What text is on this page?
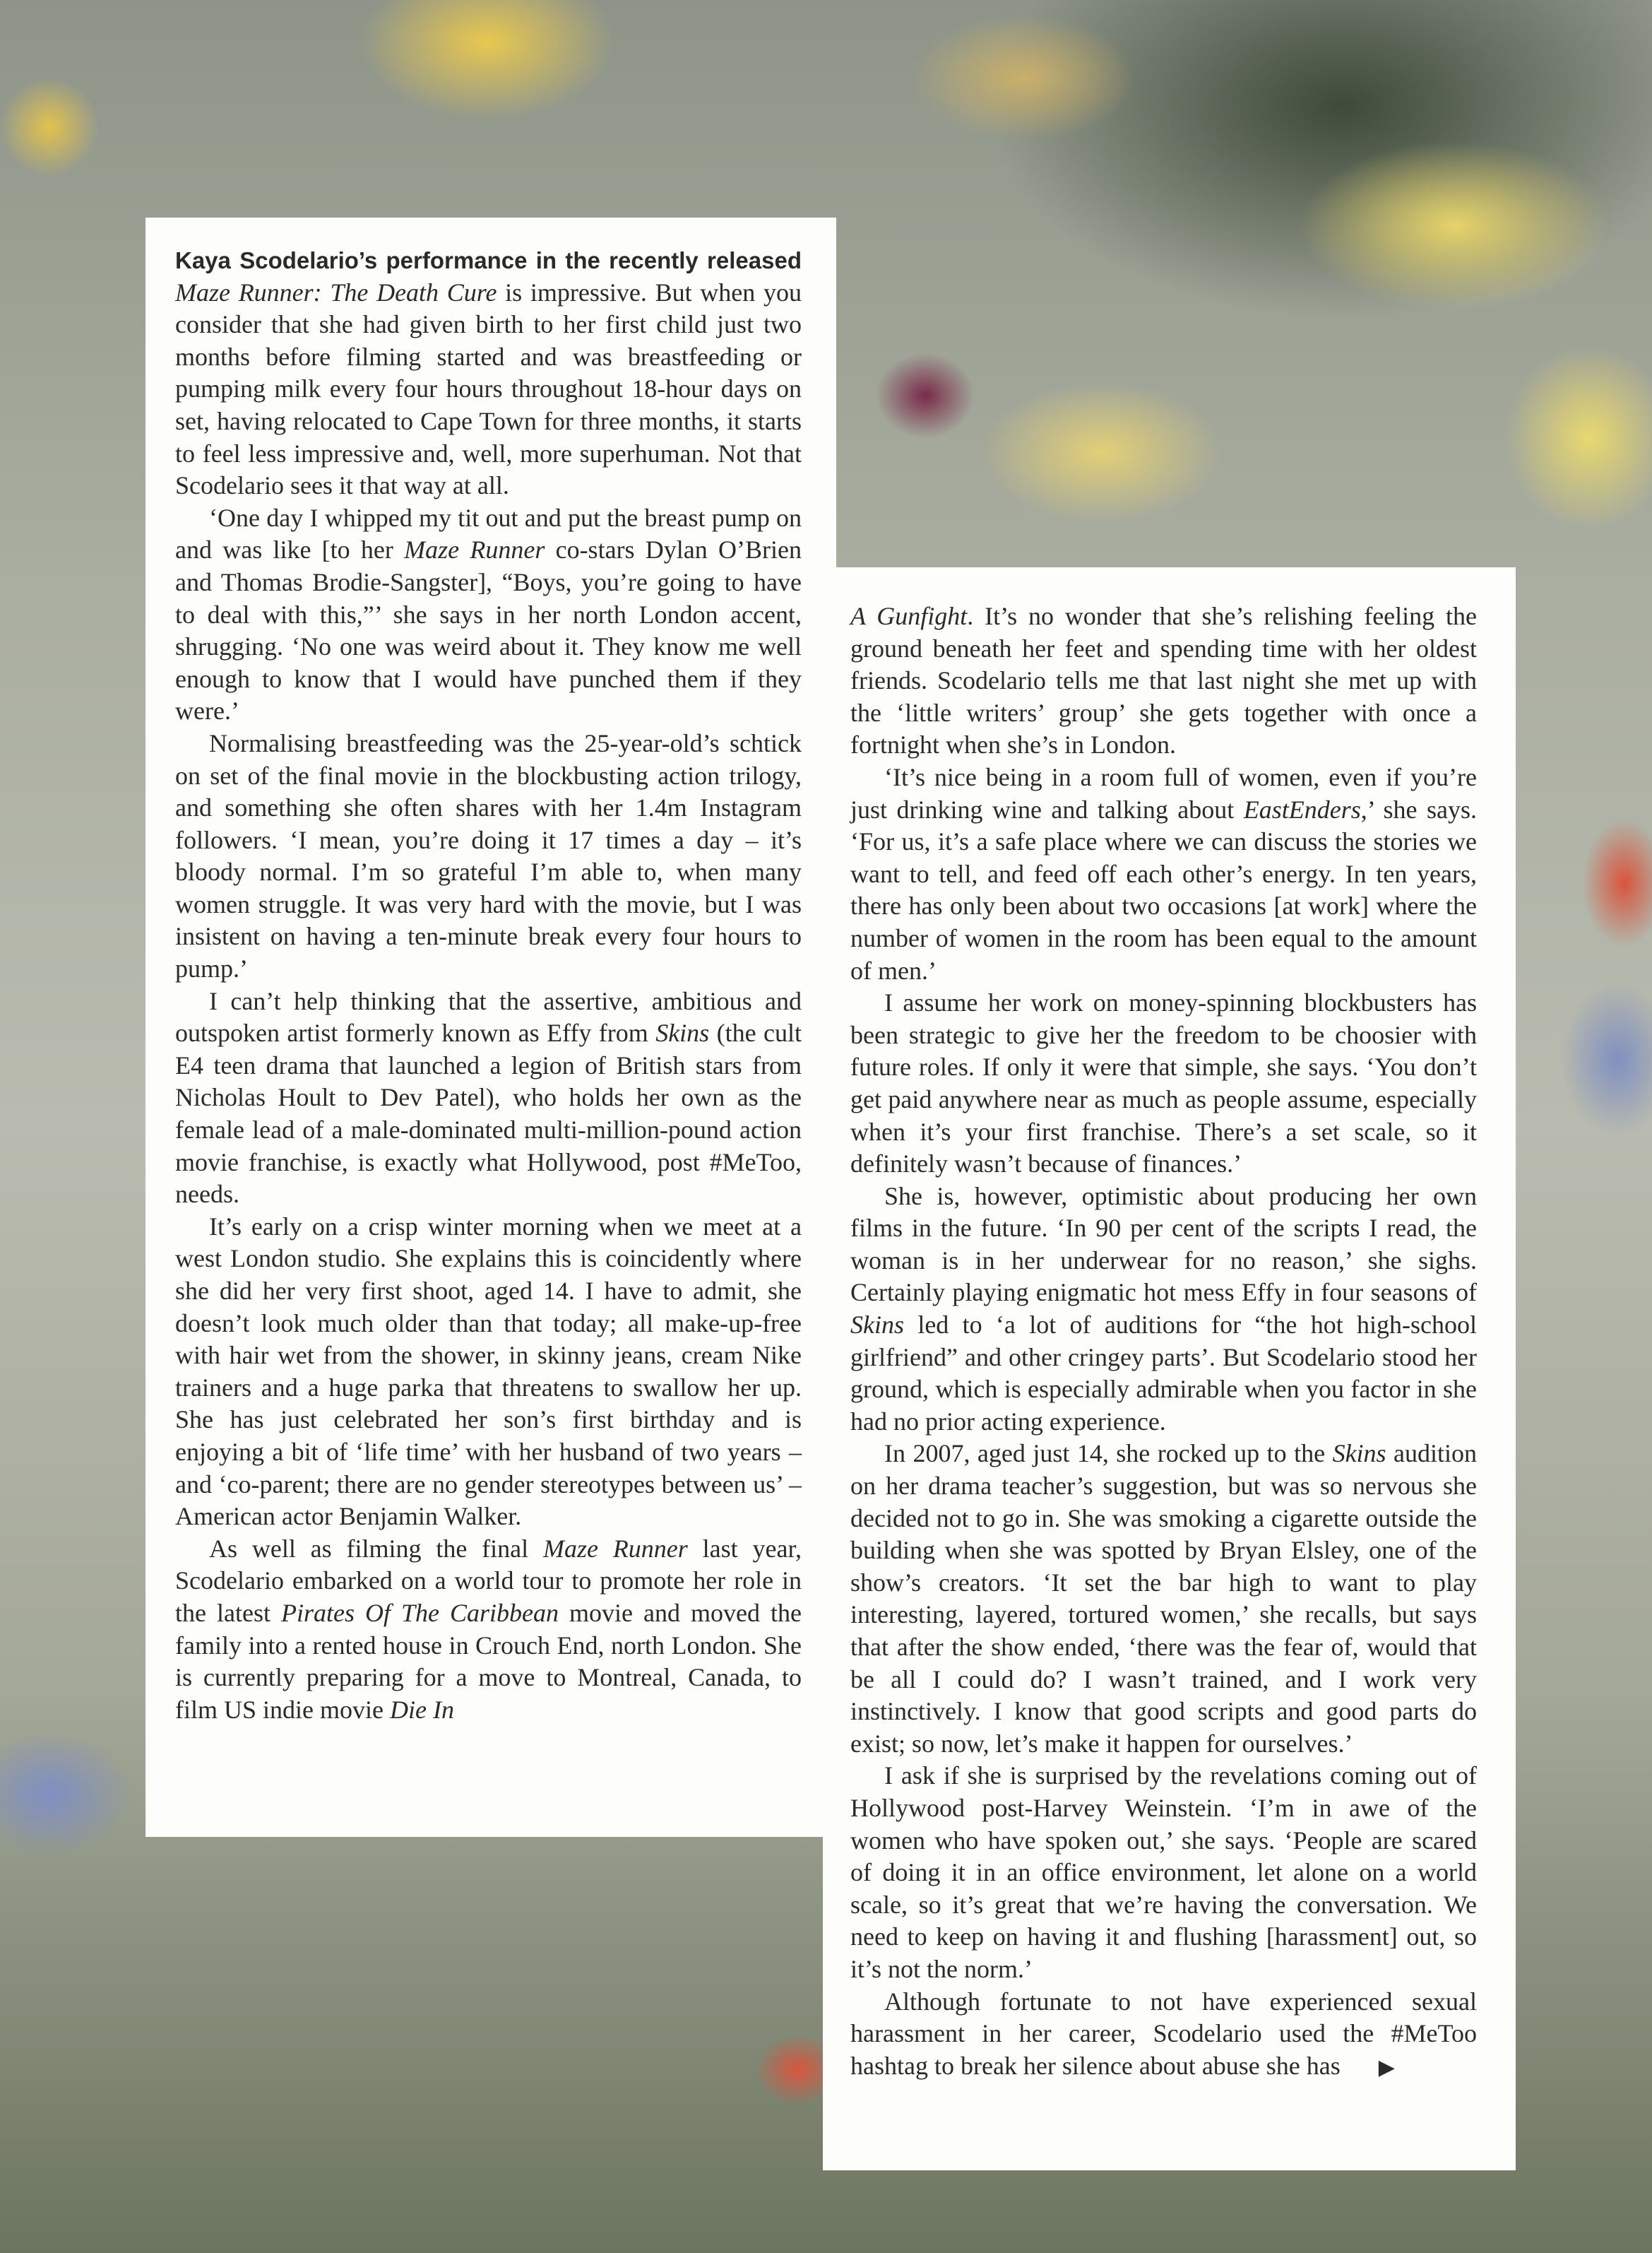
Kaya Scodelario’s performance in the recently released Maze Runner: The Death Cure is impressive. But when you consider that she had given birth to her first child just two months before filming started and was breastfeeding or pumping milk every four hours throughout 18-hour days on set, having relocated to Cape Town for three months, it starts to feel less impressive and, well, more superhuman. Not that Scodelario sees it that way at all.

‘One day I whipped my tit out and put the breast pump on and was like [to her Maze Runner co-stars Dylan O’Brien and Thomas Brodie-Sangster], “Boys, you’re going to have to deal with this,”’ she says in her north London accent, shrugging. ‘No one was weird about it. They know me well enough to know that I would have punched them if they were.’

Normalising breastfeeding was the 25-year-old’s schtick on set of the final movie in the blockbusting action trilogy, and something she often shares with her 1.4m Instagram followers. ‘I mean, you’re doing it 17 times a day – it’s bloody normal. I’m so grateful I’m able to, when many women struggle. It was very hard with the movie, but I was insistent on having a ten-minute break every four hours to pump.’

I can’t help thinking that the assertive, ambitious and outspoken artist formerly known as Effy from Skins (the cult E4 teen drama that launched a legion of British stars from Nicholas Hoult to Dev Patel), who holds her own as the female lead of a male-dominated multi-million-pound action movie franchise, is exactly what Hollywood, post #MeToo, needs.

It’s early on a crisp winter morning when we meet at a west London studio. She explains this is coincidently where she did her very first shoot, aged 14. I have to admit, she doesn’t look much older than that today; all make-up-free with hair wet from the shower, in skinny jeans, cream Nike trainers and a huge parka that threatens to swallow her up. She has just celebrated her son’s first birthday and is enjoying a bit of ‘life time’ with her husband of two years – and ‘co-parent; there are no gender stereotypes between us’ – American actor Benjamin Walker.

As well as filming the final Maze Runner last year, Scodelario embarked on a world tour to promote her role in the latest Pirates Of The Caribbean movie and moved the family into a rented house in Crouch End, north London. She is currently preparing for a move to Montreal, Canada, to film US indie movie Die In

A Gunfight. It’s no wonder that she’s relishing feeling the ground beneath her feet and spending time with her oldest friends. Scodelario tells me that last night she met up with the ‘little writers’ group’ she gets together with once a fortnight when she’s in London.

‘It’s nice being in a room full of women, even if you’re just drinking wine and talking about EastEnders,’ she says. ‘For us, it’s a safe place where we can discuss the stories we want to tell, and feed off each other’s energy. In ten years, there has only been about two occasions [at work] where the number of women in the room has been equal to the amount of men.’

I assume her work on money-spinning blockbusters has been strategic to give her the freedom to be choosier with future roles. If only it were that simple, she says. ‘You don’t get paid anywhere near as much as people assume, especially when it’s your first franchise. There’s a set scale, so it definitely wasn’t because of finances.’

She is, however, optimistic about producing her own films in the future. ‘In 90 per cent of the scripts I read, the woman is in her underwear for no reason,’ she sighs. Certainly playing enigmatic hot mess Effy in four seasons of Skins led to ‘a lot of auditions for “the hot high-school girlfriend” and other cringey parts’. But Scodelario stood her ground, which is especially admirable when you factor in she had no prior acting experience.

In 2007, aged just 14, she rocked up to the Skins audition on her drama teacher’s suggestion, but was so nervous she decided not to go in. She was smoking a cigarette outside the building when she was spotted by Bryan Elsley, one of the show’s creators. ‘It set the bar high to want to play interesting, layered, tortured women,’ she recalls, but says that after the show ended, ‘there was the fear of, would that be all I could do? I wasn’t trained, and I work very instinctively. I know that good scripts and good parts do exist; so now, let’s make it happen for ourselves.’

I ask if she is surprised by the revelations coming out of Hollywood post-Harvey Weinstein. ‘I’m in awe of the women who have spoken out,’ she says. ‘People are scared of doing it in an office environment, let alone on a world scale, so it’s great that we’re having the conversation. We need to keep on having it and flushing [harassment] out, so it’s not the norm.’

Although fortunate to not have experienced sexual harassment in her career, Scodelario used the #MeToo hashtag to break her silence about abuse she has ▶
